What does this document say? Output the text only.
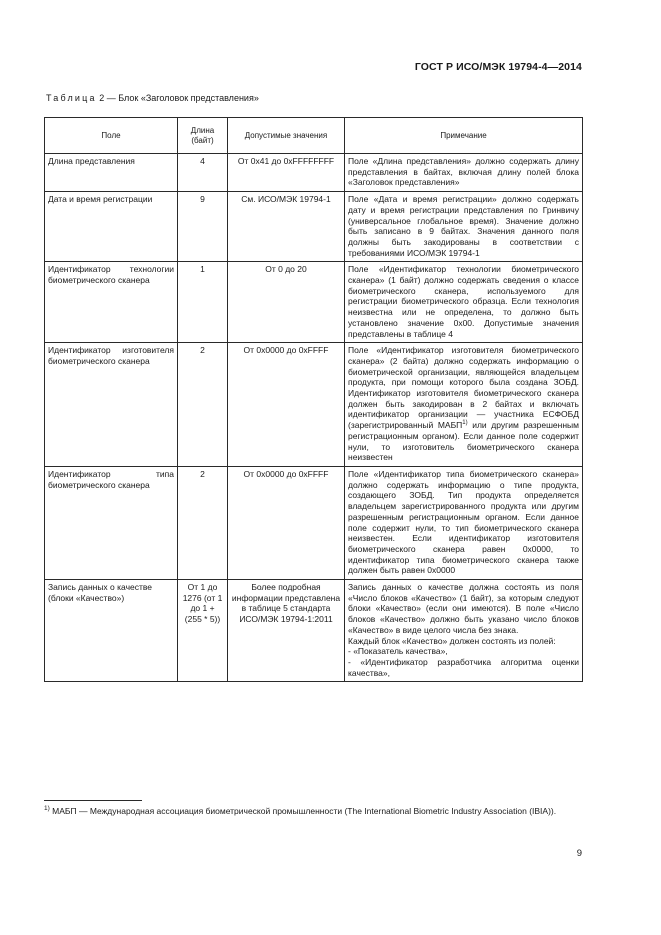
ГОСТ Р ИСО/МЭК 19794-4—2014
Таблица 2 — Блок «Заголовок представления»
Поле	Длина (байт)	Допустимые значения	Примечание
Длина представления	4	От 0x41 до 0xFFFFFFFF	Поле «Длина представления» должно содержать длину представления в байтах, включая длину полей блока «Заголовок представления»
Дата и время регистрации	9	См. ИСО/МЭК 19794-1	Поле «Дата и время регистрации» должно содержать дату и время регистрации представления по Гринвичу (универсальное глобальное время). Значение должно быть записано в 9 байтах. Значения данного поля должны быть закодированы в соответствии с требованиями ИСО/МЭК 19794-1
Идентификатор технологии биометрического сканера	1	От 0 до 20	Поле «Идентификатор технологии биометрического сканера» (1 байт) должно содержать сведения о классе биометрического сканера, используемого для регистрации биометрического образца. Если технология неизвестна или не определена, то должно быть установлено значение 0x00. Допустимые значения представлены в таблице 4
Идентификатор изготовителя биометрического сканера	2	От 0x0000 до 0xFFFF	Поле «Идентификатор изготовителя биометрического сканера» (2 байта) должно содержать информацию о биометрической организации, являющейся владельцем продукта, при помощи которого была создана ЗОБД. Идентификатор изготовителя биометрического сканера должен быть закодирован в 2 байтах и включать идентификатор организации — участника ЕСФОБД (зарегистрированный МАБП$^{1)}$ или другим разрешенным регистрационным органом). Если данное поле содержит нули, то изготовитель биометрического сканера неизвестен
Идентификатор типа биометрического сканера	2	От 0x0000 до 0xFFFF	Поле «Идентификатор типа биометрического сканера» должно содержать информацию о типе продукта, создающего ЗОБД. Тип продукта определяется владельцем зарегистрированного продукта или другим разрешенным регистрационным органом. Если данное поле содержит нули, то тип биометрического сканера неизвестен. Если идентификатор изготовителя биометрического сканера равен 0x0000, то идентификатор типа биометрического сканера также должен быть равен 0x0000
Запись данных о качестве (блоки «Качество»)	От 1 до 1276 (от 1 до 1 + (255 * 5))	Более подробная информации представлена в таблице 5 стандарта ИСО/МЭК 19794-1:2011	Запись данных о качестве должна состоять из поля «Число блоков «Качество» (1 байт), за которым следуют блоки «Качество» (если они имеются). В поле «Число блоков «Качество» должно быть указано число блоков «Качество» в виде целого числа без знака.
Каждый блок «Качество» должен состоять из полей:
- «Показатель качества»,
- «Идентификатор разработчика алгоритма оценки качества»,
$^{1)}$ МАБП — Международная ассоциация биометрической промышленности (The International Biometric Industry Association (IBIA)).
9
